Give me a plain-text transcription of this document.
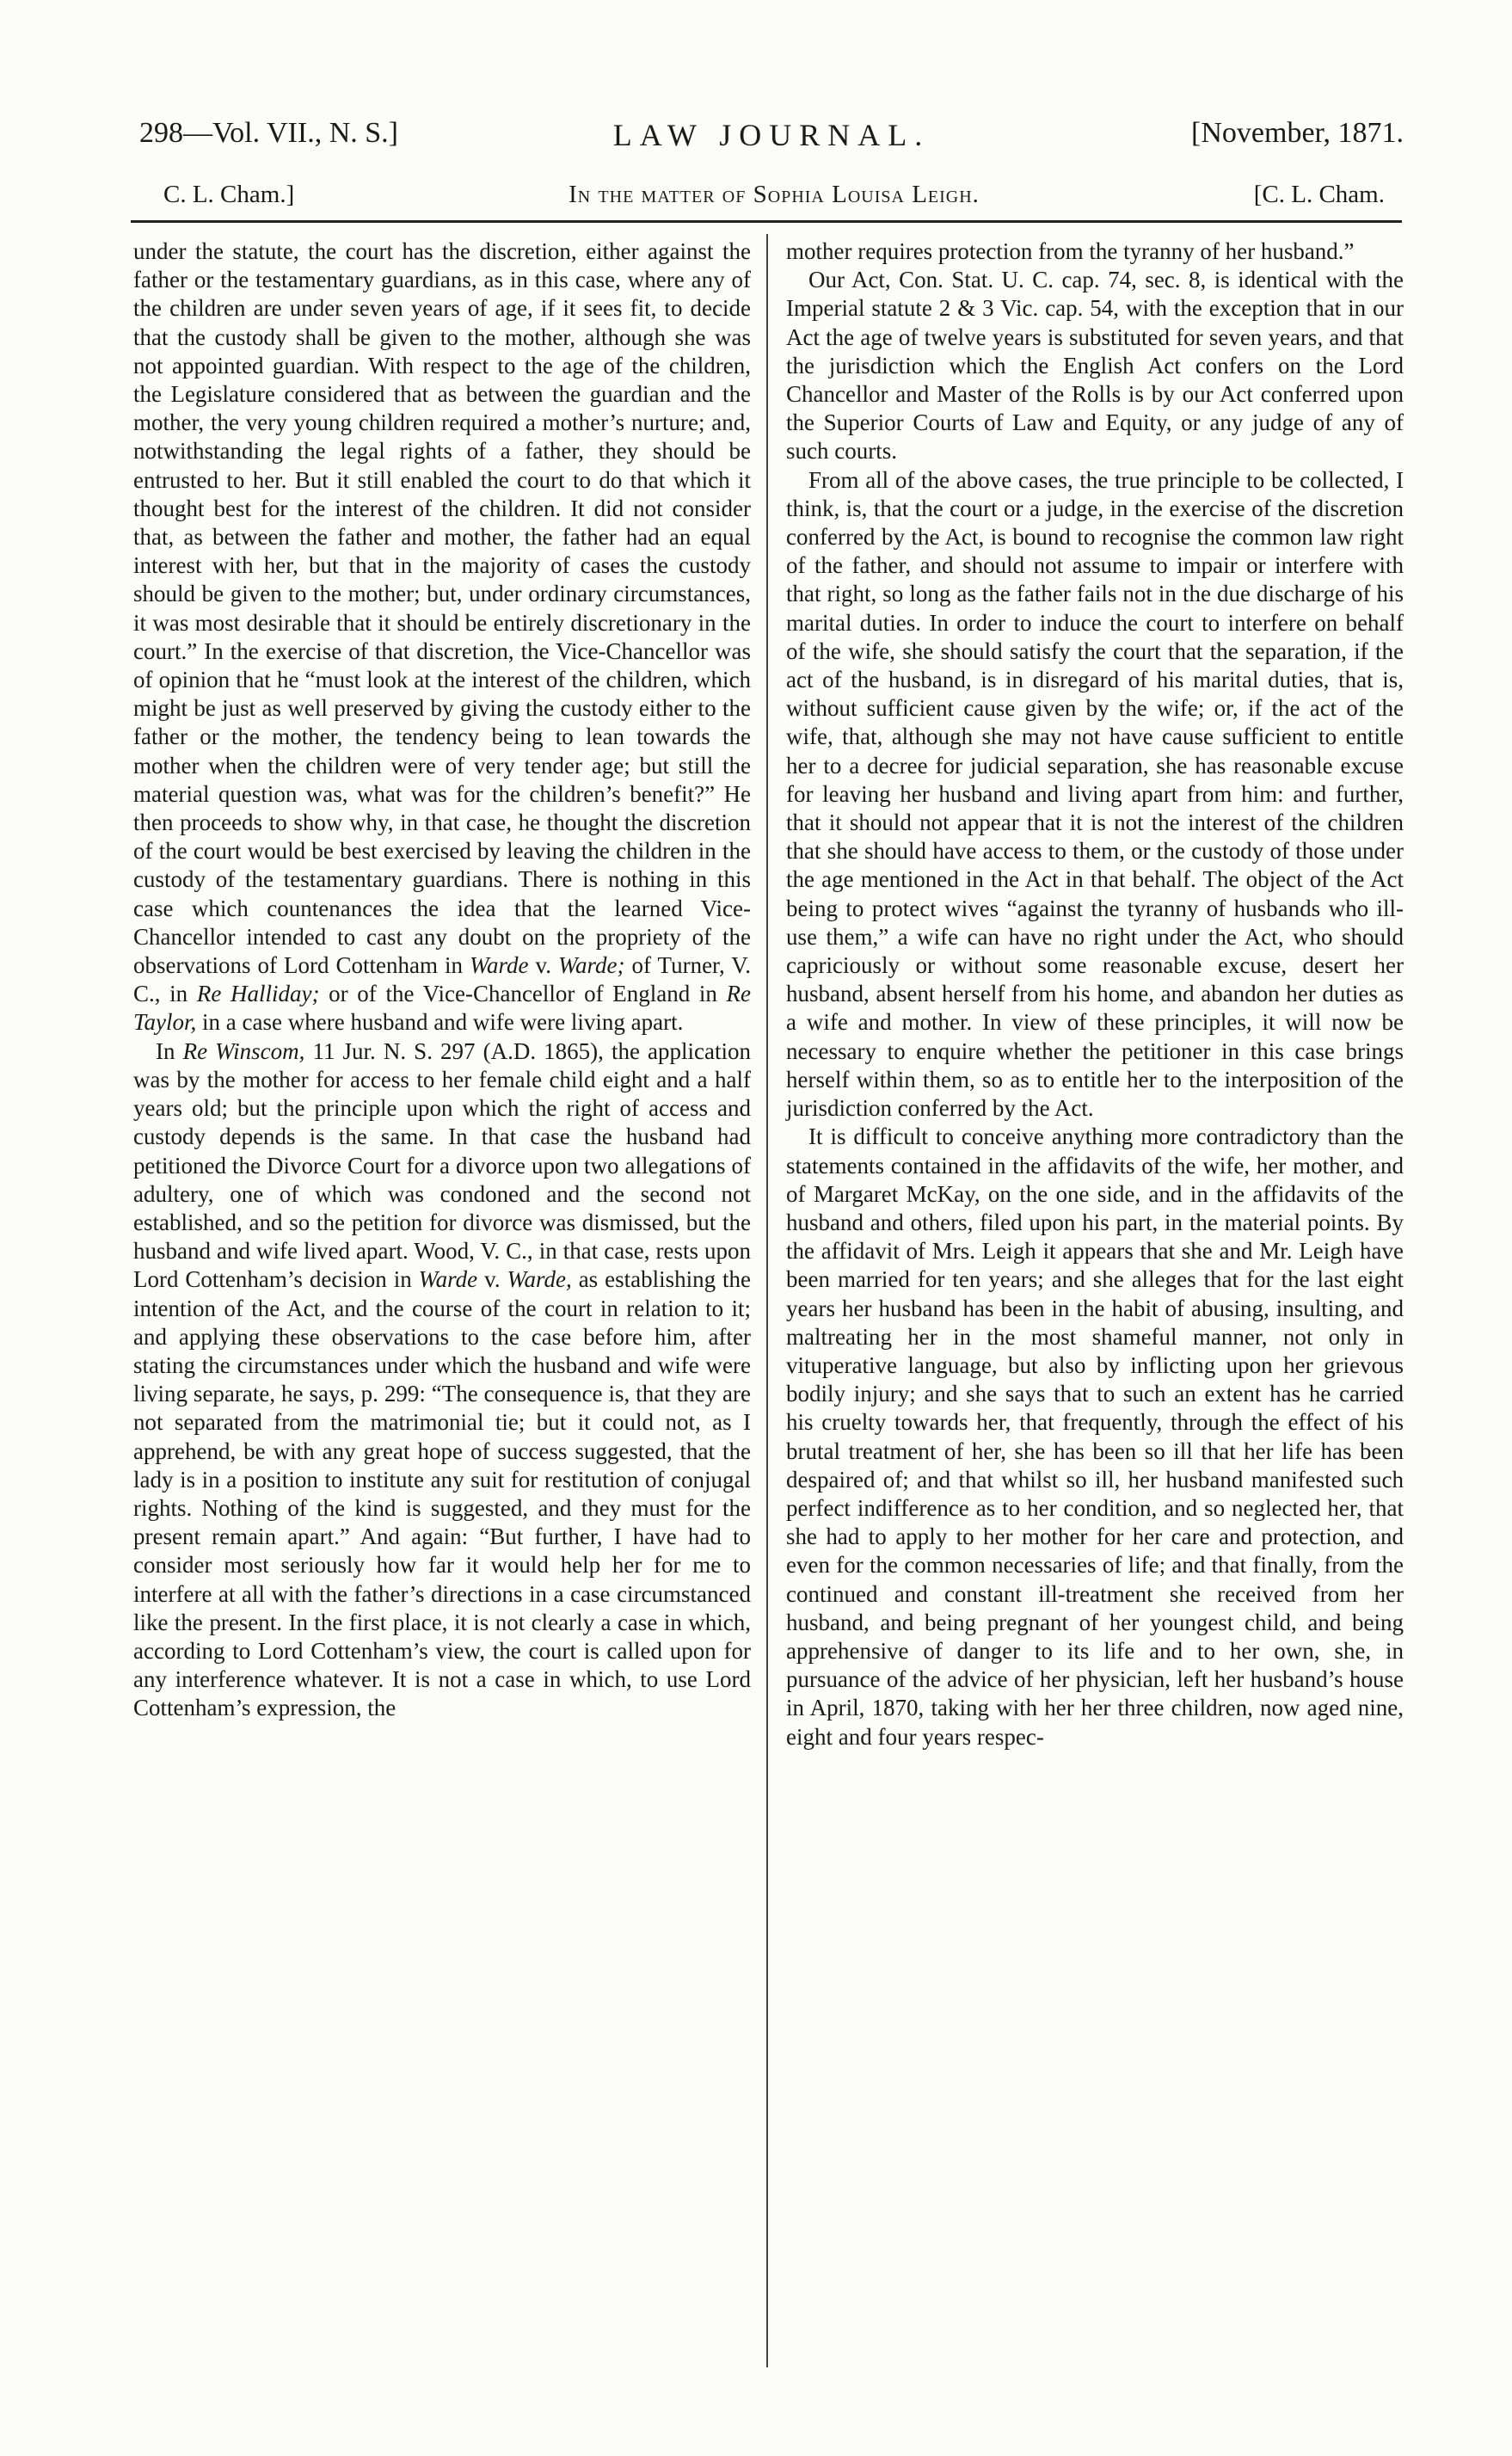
298—Vol. VII., N. S.]	LAW JOURNAL.	[November, 1871.
C. L. Cham.]	In the matter of Sophia Louisa Leigh.	[C. L. Cham.

under the statute, the court has the discretion, either against the father or the testamentary guardians, as in this case, where any of the children are under seven years of age, if it sees fit, to decide that the custody shall be given to the mother, although she was not appointed guardian. With respect to the age of the children, the Legislature considered that as between the guardian and the mother, the very young children required a mother’s nurture; and, notwithstanding the legal rights of a father, they should be entrusted to her. But it still enabled the court to do that which it thought best for the interest of the children. It did not consider that, as between the father and mother, the father had an equal interest with her, but that in the majority of cases the custody should be given to the mother; but, under ordinary circumstances, it was most desirable that it should be entirely discretionary in the court.” In the exercise of that discretion, the Vice-Chancellor was of opinion that he “must look at the interest of the children, which might be just as well preserved by giving the custody either to the father or the mother, the tendency being to lean towards the mother when the children were of very tender age; but still the material question was, what was for the children’s benefit?” He then proceeds to show why, in that case, he thought the discretion of the court would be best exercised by leaving the children in the custody of the testamentary guardians. There is nothing in this case which countenances the idea that the learned Vice-Chancellor intended to cast any doubt on the propriety of the observations of Lord Cottenham in Warde v. Warde; of Turner, V. C., in Re Halliday; or of the Vice-Chancellor of England in Re Taylor, in a case where husband and wife were living apart.

In Re Winscom, 11 Jur. N. S. 297 (A.D. 1865), the application was by the mother for access to her female child eight and a half years old; but the principle upon which the right of access and custody depends is the same. In that case the husband had petitioned the Divorce Court for a divorce upon two allegations of adultery, one of which was condoned and the second not established, and so the petition for divorce was dismissed, but the husband and wife lived apart. Wood, V. C., in that case, rests upon Lord Cottenham’s decision in Warde v. Warde, as establishing the intention of the Act, and the course of the court in relation to it; and applying these observations to the case before him, after stating the circumstances under which the husband and wife were living separate, he says, p. 299: “The consequence is, that they are not separated from the matrimonial tie; but it could not, as I apprehend, be with any great hope of success suggested, that the lady is in a position to institute any suit for restitution of conjugal rights. Nothing of the kind is suggested, and they must for the present remain apart.” And again: “But further, I have had to consider most seriously how far it would help her for me to interfere at all with the father’s directions in a case circumstanced like the present. In the first place, it is not clearly a case in which, according to Lord Cottenham’s view, the court is called upon for any interference whatever. It is not a case in which, to use Lord Cottenham’s expression, the

mother requires protection from the tyranny of her husband.”

Our Act, Con. Stat. U. C. cap. 74, sec. 8, is identical with the Imperial statute 2 & 3 Vic. cap. 54, with the exception that in our Act the age of twelve years is substituted for seven years, and that the jurisdiction which the English Act confers on the Lord Chancellor and Master of the Rolls is by our Act conferred upon the Superior Courts of Law and Equity, or any judge of any of such courts.

From all of the above cases, the true principle to be collected, I think, is, that the court or a judge, in the exercise of the discretion conferred by the Act, is bound to recognise the common law right of the father, and should not assume to impair or interfere with that right, so long as the father fails not in the due discharge of his marital duties. In order to induce the court to interfere on behalf of the wife, she should satisfy the court that the separation, if the act of the husband, is in disregard of his marital duties, that is, without sufficient cause given by the wife; or, if the act of the wife, that, although she may not have cause sufficient to entitle her to a decree for judicial separation, she has reasonable excuse for leaving her husband and living apart from him: and further, that it should not appear that it is not the interest of the children that she should have access to them, or the custody of those under the age mentioned in the Act in that behalf. The object of the Act being to protect wives “against the tyranny of husbands who ill-use them,” a wife can have no right under the Act, who should capriciously or without some reasonable excuse, desert her husband, absent herself from his home, and abandon her duties as a wife and mother. In view of these principles, it will now be necessary to enquire whether the petitioner in this case brings herself within them, so as to entitle her to the interposition of the jurisdiction conferred by the Act.

It is difficult to conceive anything more contradictory than the statements contained in the affidavits of the wife, her mother, and of Margaret McKay, on the one side, and in the affidavits of the husband and others, filed upon his part, in the material points. By the affidavit of Mrs. Leigh it appears that she and Mr. Leigh have been married for ten years; and she alleges that for the last eight years her husband has been in the habit of abusing, insulting, and maltreating her in the most shameful manner, not only in vituperative language, but also by inflicting upon her grievous bodily injury; and she says that to such an extent has he carried his cruelty towards her, that frequently, through the effect of his brutal treatment of her, she has been so ill that her life has been despaired of; and that whilst so ill, her husband manifested such perfect indifference as to her condition, and so neglected her, that she had to apply to her mother for her care and protection, and even for the common necessaries of life; and that finally, from the continued and constant ill-treatment she received from her husband, and being pregnant of her youngest child, and being apprehensive of danger to its life and to her own, she, in pursuance of the advice of her physician, left her husband’s house in April, 1870, taking with her her three children, now aged nine, eight and four years respec-
